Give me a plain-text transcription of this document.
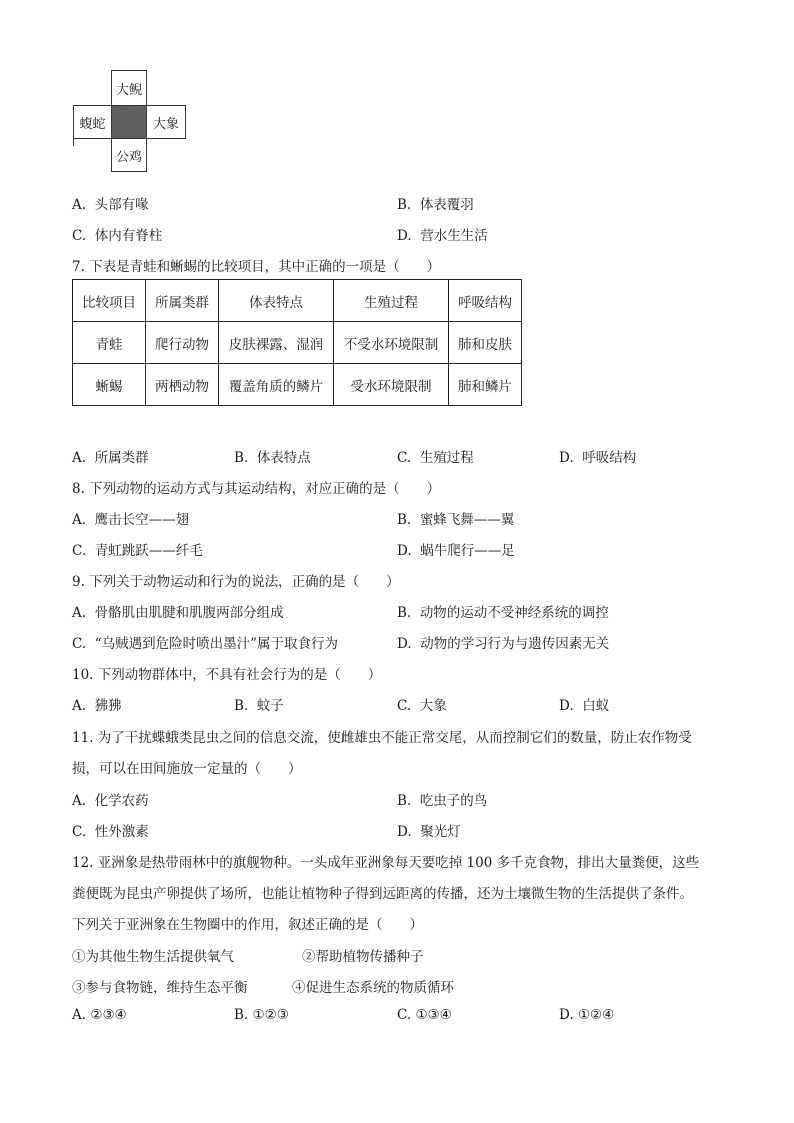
大鲵
蝮蛇	大象
公鸡
A. 头部有喙	B. 体表覆羽
C. 体内有脊柱	D. 营水生生活
7. 下表是青蛙和蜥蜴的比较项目，其中正确的一项是（　　）
比较项目	所属类群	体表特点	生殖过程	呼吸结构
青蛙	爬行动物	皮肤裸露、湿润	不受水环境限制	肺和皮肤
蜥蜴	两栖动物	覆盖角质的鳞片	受水环境限制	肺和鳞片
A. 所属类群	B. 体表特点	C. 生殖过程	D. 呼吸结构
8. 下列动物的运动方式与其运动结构，对应正确的是（　　）
A. 鹰击长空——翅	B. 蜜蜂飞舞——翼
C. 青虹跳跃——纤毛	D. 蜗牛爬行——足
9. 下列关于动物运动和行为的说法，正确的是（　　）
A. 骨骼肌由肌腱和肌腹两部分组成	B. 动物的运动不受神经系统的调控
C. “乌贼遇到危险时喷出墨汁”属于取食行为	D. 动物的学习行为与遗传因素无关
10. 下列动物群体中，不具有社会行为的是（　　）
A. 狒狒	B. 蚊子	C. 大象	D. 白蚁
11. 为了干扰蝶蛾类昆虫之间的信息交流，使雌雄虫不能正常交尾，从而控制它们的数量，防止农作物受
损，可以在田间施放一定量的（　　）
A. 化学农药	B. 吃虫子的鸟
C. 性外激素	D. 聚光灯
12. 亚洲象是热带雨林中的旗舰物种。一头成年亚洲象每天要吃掉 100 多千克食物，排出大量粪便，这些
粪便既为昆虫产卵提供了场所，也能让植物种子得到远距离的传播，还为土壤微生物的生活提供了条件。
下列关于亚洲象在生物圈中的作用，叙述正确的是（　　）
①为其他生物生活提供氧气	②帮助植物传播种子
③参与食物链，维持生态平衡	④促进生态系统的物质循环
A. ②③④	B. ①②③	C. ①③④	D. ①②④
